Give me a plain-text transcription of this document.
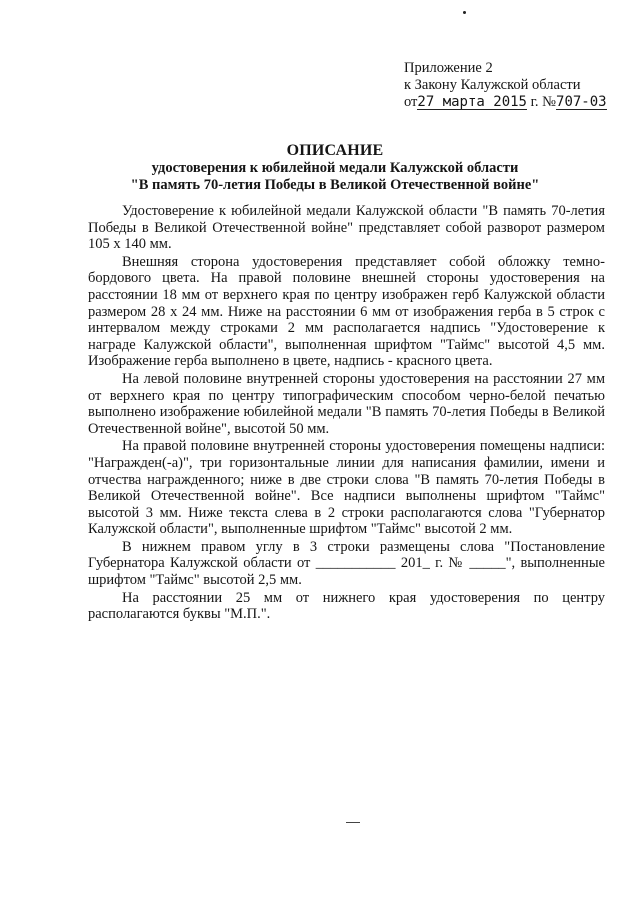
Приложение 2
к Закону Калужской области
от27 марта 2015 г. №707-03
ОПИСАНИЕ
удостоверения к юбилейной медали Калужской области
"В память 70-летия Победы в Великой Отечественной войне"

Удостоверение к юбилейной медали Калужской области "В память 70-летия Победы в Великой Отечественной войне" представляет собой разворот размером 105 х 140 мм.

Внешняя сторона удостоверения представляет собой обложку темно-бордового цвета. На правой половине внешней стороны удостоверения на расстоянии 18 мм от верхнего края по центру изображен герб Калужской области размером 28 х 24 мм. Ниже на расстоянии 6 мм от изображения герба в 5 строк с интервалом между строками 2 мм располагается надпись "Удостоверение к награде Калужской области", выполненная шрифтом "Таймс" высотой 4,5 мм. Изображение герба выполнено в цвете, надпись - красного цвета.

На левой половине внутренней стороны удостоверения на расстоянии 27 мм от верхнего края по центру типографическим способом черно-белой печатью выполнено изображение юбилейной медали "В память 70-летия Победы в Великой Отечественной войне", высотой 50 мм.

На правой половине внутренней стороны удостоверения помещены надписи: "Награжден(-а)", три горизонтальные линии для написания фамилии, имени и отчества награжденного; ниже в две строки слова "В память 70-летия Победы в Великой Отечественной войне". Все надписи выполнены шрифтом "Таймс" высотой 3 мм. Ниже текста слева в 2 строки располагаются слова "Губернатор Калужской области", выполненные шрифтом "Таймс" высотой 2 мм.

В нижнем правом углу в 3 строки размещены слова "Постановление Губернатора Калужской области от ___________ 201_ г. № _____", выполненные шрифтом "Таймс" высотой 2,5 мм.

На расстоянии 25 мм от нижнего края удостоверения по центру располагаются буквы "М.П.".
